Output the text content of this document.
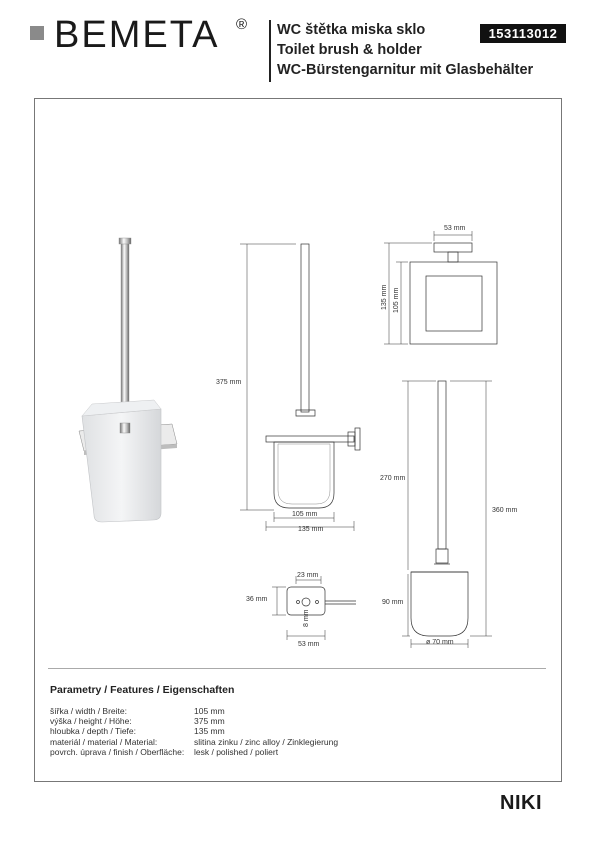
BEMETA ® WC štětka miska sklo
Toilet brush & holder
WC-Bürstengarnitur mit Glasbehälter
153113012
375 mm
105 mm
135 mm
53 mm
135 mm 105 mm
23 mm
36 mm
8 mm
53 mm
270 mm
360 mm
90 mm
ø 70 mm
Parametry / Features / Eigenschaften
šířka / width / Breite:	105 mm
výška / height / Höhe:	375 mm
hloubka / depth / Tiefe:	135 mm
materiál / material / Material:	slitina zinku / zinc alloy / Zinklegierung
povrch. úprava / finish / Oberfläche: lesk / polished / poliert
NIKI
